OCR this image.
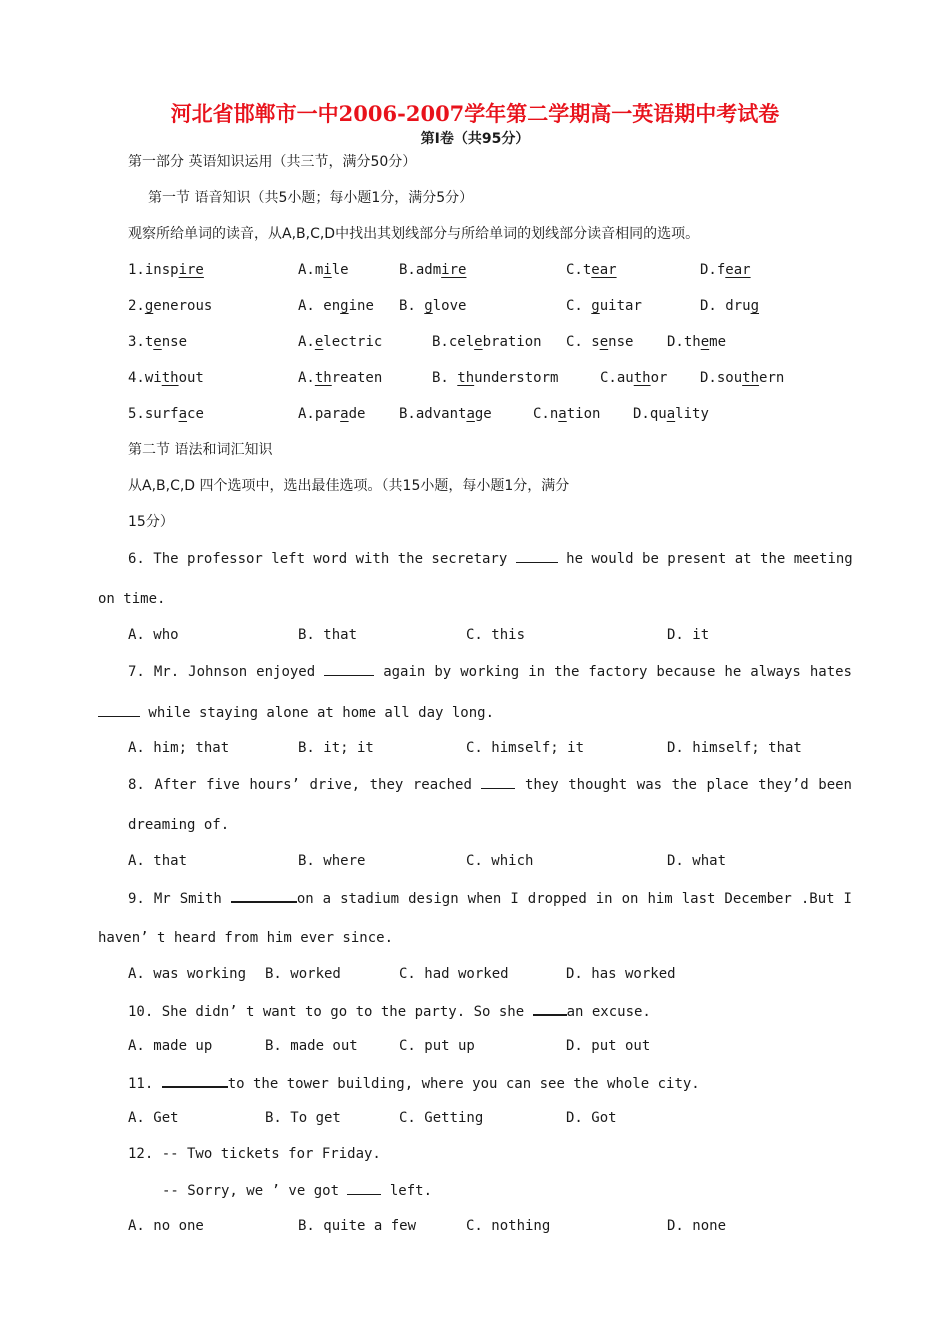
河北省邯郸市一中2006-2007学年第二学期高一英语期中考试卷
第Ⅰ卷（共95分）
第一部分 英语知识运用（共三节，满分50分）
第一节 语音知识（共5小题；每小题1分，满分5分）
观察所给单词的读音，从A,B,C,D中找出其划线部分与所给单词的划线部分读音相同的选项。
1.inspire	A.mile	B.admire	C.tear	D.fear
2.generous	A. engine B. glove	C. guitar	D. drug
3.tense	A.electric	B.celebration C. sense D.theme
4.without	A.threaten	B. thunderstorm	C.author D.southern
5.surface	A.parade B.advantage	C.nation D.quality
第二节 语法和词汇知识
从A,B,C,D 四个选项中，选出最佳选项。（共15小题，每小题1分，满分
15分）
6. The professor left word with the secretary	he would be present at the meeting
on time.
A. who	B. that	C. this	D. it
7. Mr. Johnson enjoyed	again by working in the factory because he always hates
while staying alone at home all day long.
A. him; that	B. it; it	C. himself; it	D. himself; that
8. After five hours’ drive, they reached  they thought was the place they’d been
dreaming of.
A. that	B. where	C. which	D. what
9. Mr Smith	on a stadium design when I dropped in on him last December .But I
haven’ t heard from him ever since.
A. was working B. worked	C. had worked	D. has worked
10. She didn’ t want to go to the party. So she an excuse.
A. made up	B. made out	C. put up	D. put out
11.	to the tower building, where you can see the whole city.
A. Get	B. To get	C. Getting	D. Got
12. -- Two tickets for Friday.
-- Sorry, we ’ ve got  left.
A. no one	B. quite a few	C. nothing	D. none
